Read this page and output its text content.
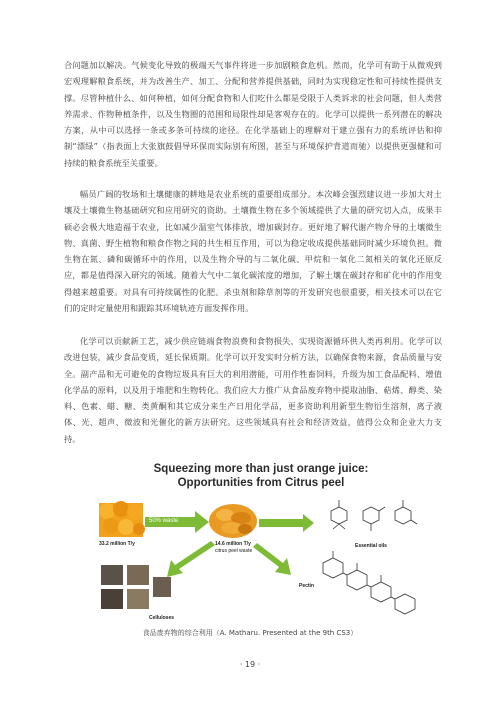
合问题加以解决。气候变化导致的极端天气事件将进一步加剧粮食危机。然而，化学可有助于从微观到宏观理解粮食系统，并为改善生产、加工、分配和营养提供基础，同时为实现稳定性和可持续性提供支撑。尽管种植什么、如何种植，如何分配食物和人们吃什么都是受限于人类诉求的社会问题，但人类营养需求、作物种植条件，以及生物圈的范围和局限性却是客观存在的。化学可以提供一系列潜在的解决方案，从中可以选择一条或多条可持续的途径。在化学基础上的理解对于建立强有力的系统评估和抑制“漂绿”（指表面上大张旗鼓倡导环保而实际别有所图，甚至与环境保护背道而驰）以提供更强健和可持续的粮食系统至关重要。

幅员广阔的牧场和土壤健康的耕地是农业系统的重要组成部分。本次峰会强烈建议进一步加大对土壤及土壤微生物基础研究和应用研究的资助。土壤微生物在多个领域提供了大量的研究切入点，成果丰硕必会极大地造福于农业，比如减少温室气体排放，增加碳封存。更好地了解代谢产物介导的土壤微生物、真菌、野生植物和粮食作物之间的共生相互作用，可以为稳定收成提供基础同时减少环境负担。微生物在氮、磷和碳循环中的作用，以及生物介导的与二氧化碳、甲烷和一氧化二氮相关的氧化还原反应，都是值得深入研究的领域。随着大气中二氧化碳浓度的增加，了解土壤在碳封存和矿化中的作用变得越来越重要。对具有可持续属性的化肥、杀虫剂和除草剂等的开发研究也很重要，相关技术可以在它们的定时定量使用和跟踪其环境轨迹方面发挥作用。

化学可以贡献新工艺，减少供应链端食物浪费和食物损失，实现资源循环供人类再利用。化学可以改进包装，减少食品变质，延长保质期。化学可以开发实时分析方法，以确保食物来源，食品质量与安全。副产品和无可避免的食物垃圾具有巨大的利用潜能，可用作牲畜饲料，升级为加工食品配料、增值化学品的原料，以及用于堆肥和生物转化。我们应大力推广从食品废弃物中提取油脂、萜烯、醇类、染料、色素、蜡、糖、类黄酮和其它成分来生产日用化学品，更多资助利用新型生物衍生溶剂，离子液体、光、超声、微波和光催化的新方法研究。这些领域具有社会和经济效益，值得公众和企业大力支持。

Squeezing more than just orange juice:
Opportunities from Citrus peel
33.2 million T/y
50% waste
14.6 million T/y
citrus peel waste
Essential oils
Pectin
Celluloses
食品废弃物的综合利用（A. Matharu. Presented at the 9th CS3）
· 19 ·
